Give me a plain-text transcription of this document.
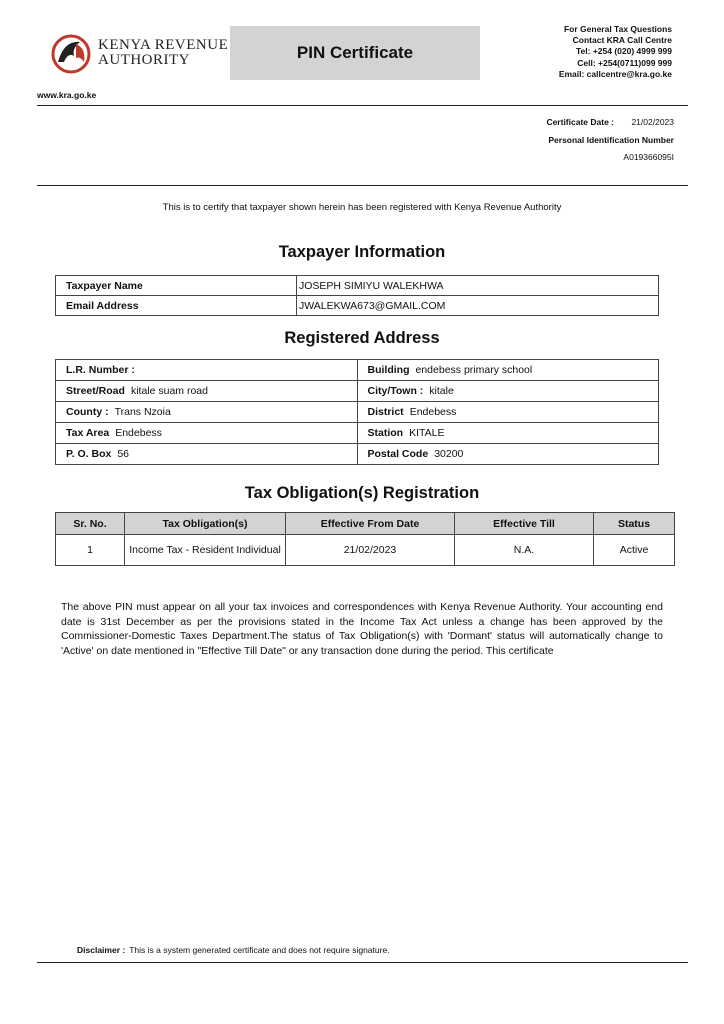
KENYA REVENUE
AUTHORITY	PIN Certificate
For General Tax Questions
Contact KRA Call Centre
Tel: +254 (020) 4999 999
Cell: +254(0711)099 999
Email: callcentre@kra.go.ke
www.kra.go.ke
Certificate Date : 21/02/2023
Personal Identification Number
A019366095I
This is to certify that taxpayer shown herein has been registered with Kenya Revenue Authority
Taxpayer Information
Taxpayer Name	JOSEPH SIMIYU WALEKHWA
Email Address	JWALEKWA673@GMAIL.COM
Registered Address
L.R. Number :	Building endebess primary school
Street/Road kitale suam road	City/Town : kitale
County : Trans Nzoia	District Endebess
Tax Area Endebess	Station KITALE
P. O. Box 56	Postal Code 30200
Tax Obligation(s) Registration
Sr. No.	Tax Obligation(s)	Effective From Date	Effective Till	Status
1	Income Tax - Resident Individual	21/02/2023	N.A.	Active
The above PIN must appear on all your tax invoices and correspondences with Kenya Revenue Authority. Your accounting end date is 31st December as per the provisions stated in the Income Tax Act unless a change has been approved by the Commissioner-Domestic Taxes Department.The status of Tax Obligation(s) with 'Dormant' status will automatically change to 'Active' on date mentioned in "Effective Till Date" or any transaction done during the period. This certificate
Disclaimer : This is a system generated certificate and does not require signature.
